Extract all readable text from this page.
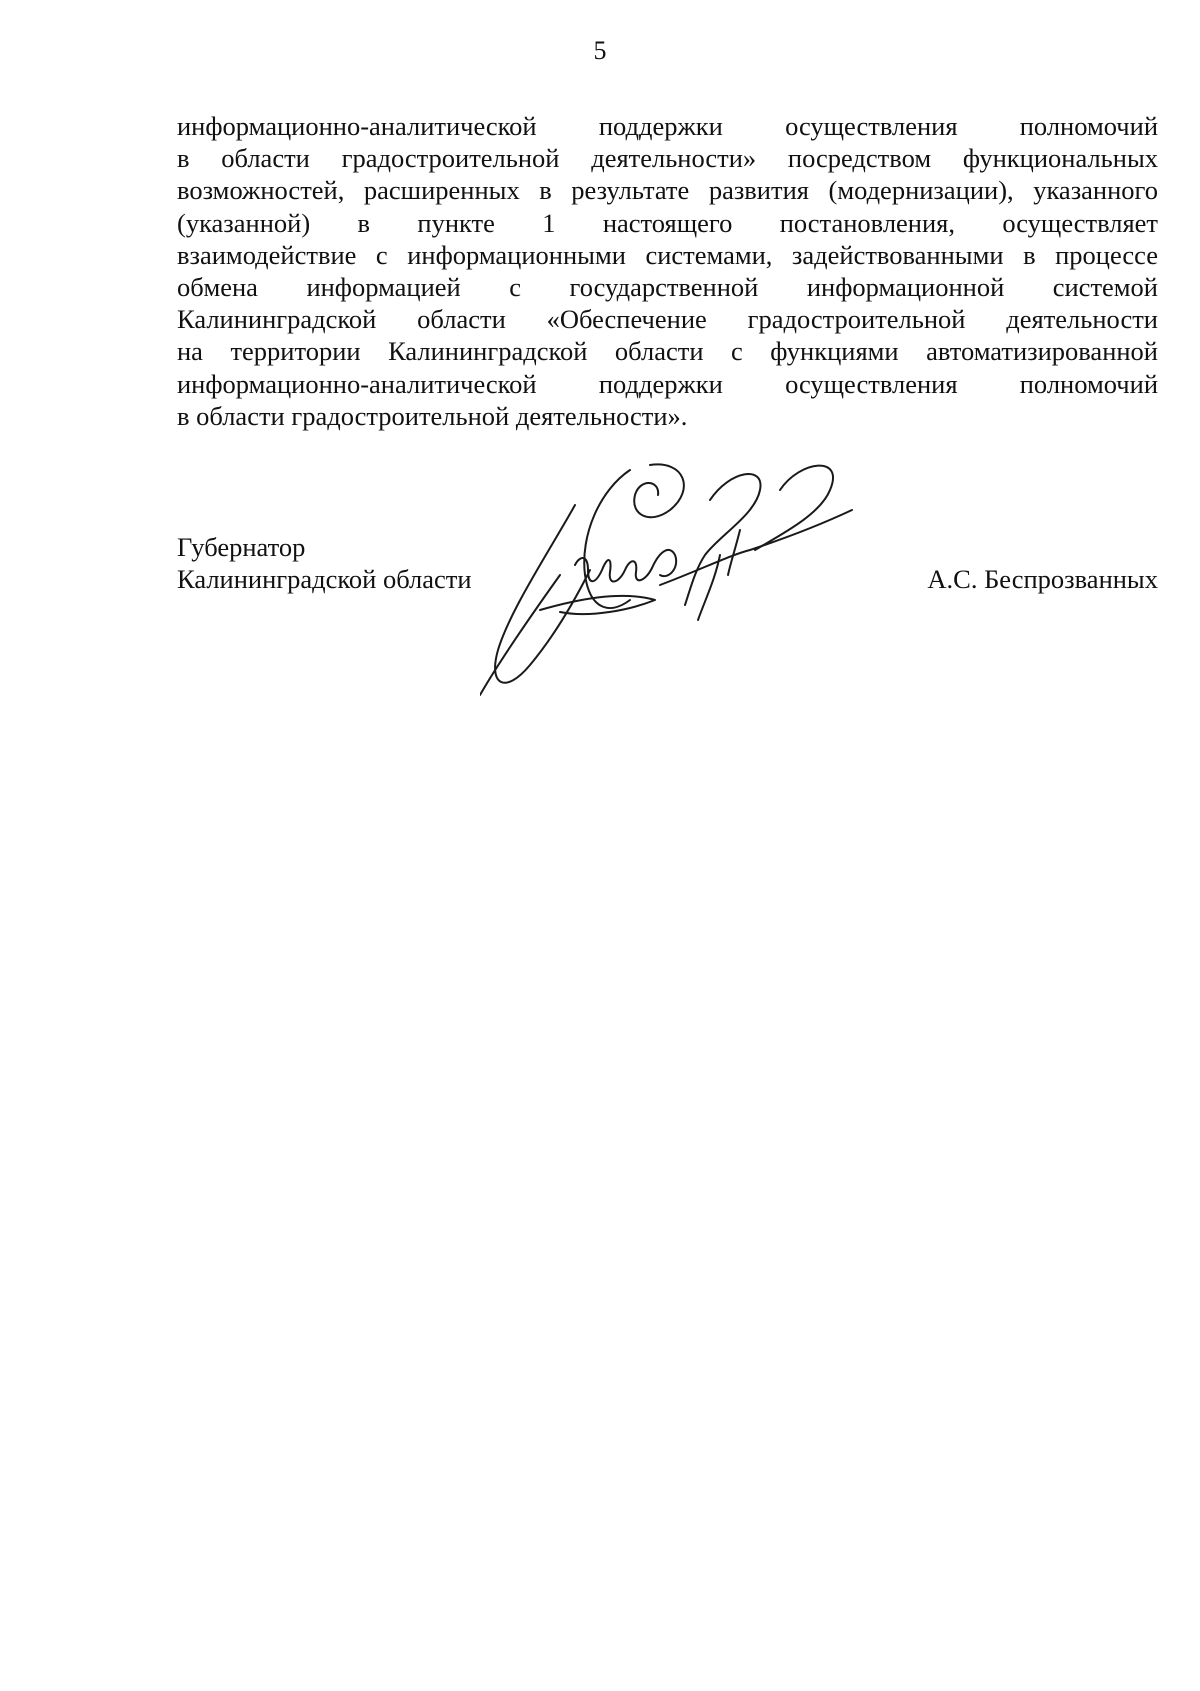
5
информационно-аналитической поддержки осуществления полномочий
в области градостроительной деятельности» посредством функциональных
возможностей, расширенных в результате развития (модернизации), указанного
(указанной) в пункте 1 настоящего постановления, осуществляет
взаимодействие с информационными системами, задействованными в процессе
обмена информацией с государственной информационной системой
Калининградской области «Обеспечение градостроительной деятельности
на территории Калининградской области с функциями автоматизированной
информационно-аналитической поддержки осуществления полномочий
в области градостроительной деятельности».
Губернатор
Калининградской области	А.С. Беспрозванных
